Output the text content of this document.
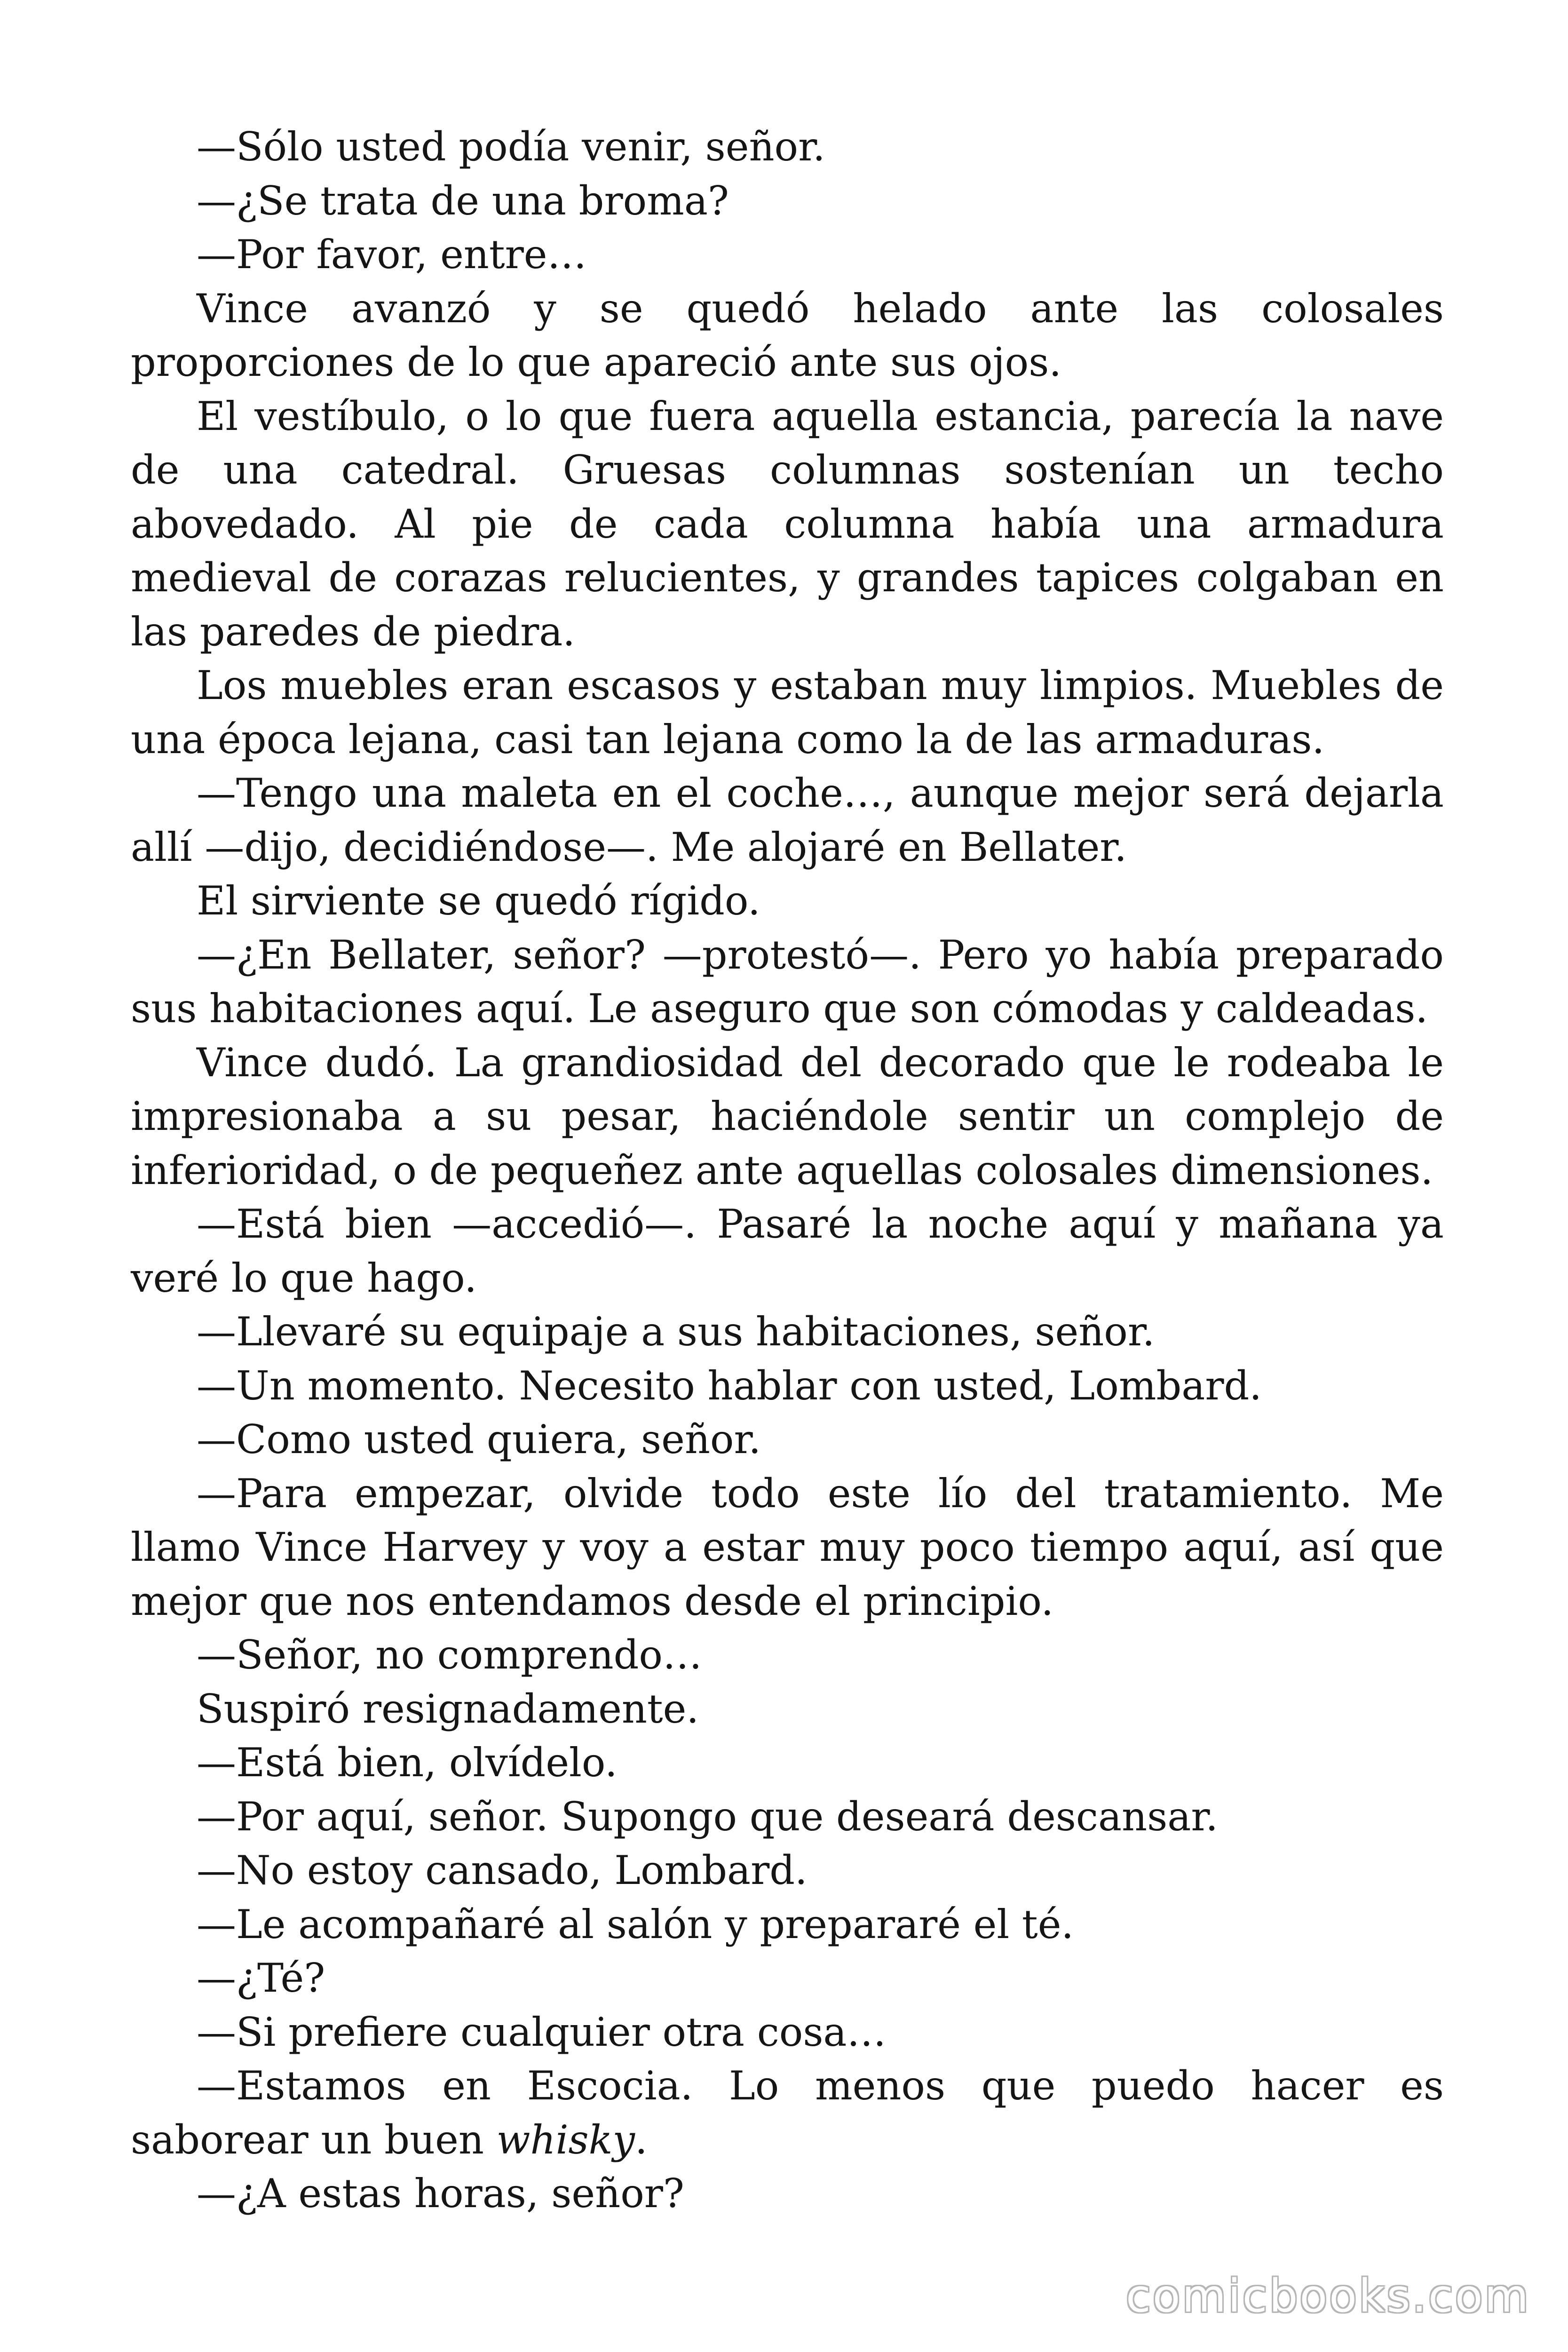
—Sólo usted podía venir, señor.

—¿Se trata de una broma?

—Por favor, entre…

Vince avanzó y se quedó helado ante las colosales proporciones de lo que apareció ante sus ojos.

El vestíbulo, o lo que fuera aquella estancia, parecía la nave de una catedral. Gruesas columnas sostenían un techo abovedado. Al pie de cada columna había una armadura medieval de corazas relucientes, y grandes tapices colgaban en las paredes de piedra.

Los muebles eran escasos y estaban muy limpios. Muebles de una época lejana, casi tan lejana como la de las armaduras.

—Tengo una maleta en el coche…, aunque mejor será dejarla allí —dijo, decidiéndose—. Me alojaré en Bellater.

El sirviente se quedó rígido.

—¿En Bellater, señor? —protestó—. Pero yo había preparado sus habitaciones aquí. Le aseguro que son cómodas y caldeadas.

Vince dudó. La grandiosidad del decorado que le rodeaba le impresionaba a su pesar, haciéndole sentir un complejo de inferioridad, o de pequeñez ante aquellas colosales dimensiones.

—Está bien —accedió—. Pasaré la noche aquí y mañana ya veré lo que hago.

—Llevaré su equipaje a sus habitaciones, señor.

—Un momento. Necesito hablar con usted, Lombard.

—Como usted quiera, señor.

—Para empezar, olvide todo este lío del tratamiento. Me llamo Vince Harvey y voy a estar muy poco tiempo aquí, así que mejor que nos entendamos desde el principio.

—Señor, no comprendo…

Suspiró resignadamente.

—Está bien, olvídelo.

—Por aquí, señor. Supongo que deseará descansar.

—No estoy cansado, Lombard.

—Le acompañaré al salón y prepararé el té.

—¿Té?

—Si prefiere cualquier otra cosa…

—Estamos en Escocia. Lo menos que puedo hacer es saborear un buen whisky.

—¿A estas horas, señor?

comicbooks.com
